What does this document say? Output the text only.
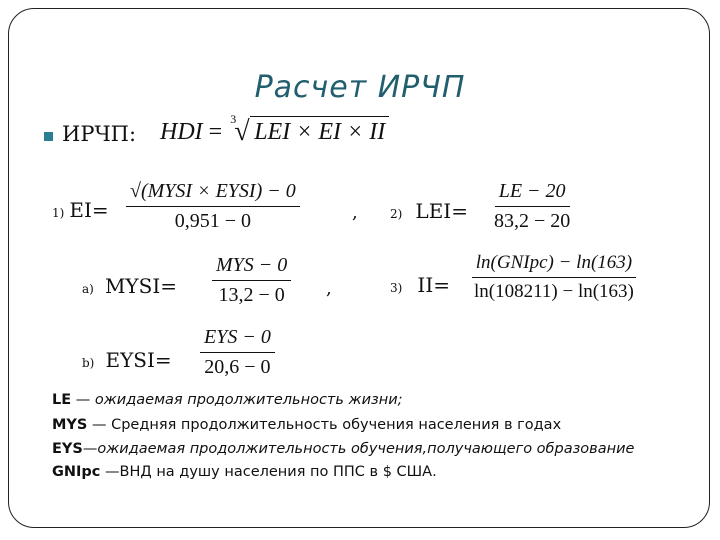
Расчет ИРЧП
ИРЧП: HDI = 3
√ LEI × EI × II
1) EI=
√(MYSI × EYSI) − 0
0,951 − 0	,	2) $LEI= \frac{LE - 20}{83,2 - 20}$
a) MYSI=
MYS − 0
13,2 − 0 ,	3) II=
ln(GNIpc) − ln(163)
ln(108211) − ln(163)
b) EYSI=
EYS − 0
20,6 − 0
LE — ожидаемая продолжительность жизни;
MYS — Средняя продолжительность обучения населения в годах
EYS—ожидаемая продолжительность обучения,получающего образование
GNIpc —ВНД на душу населения по ППС в $ США.
